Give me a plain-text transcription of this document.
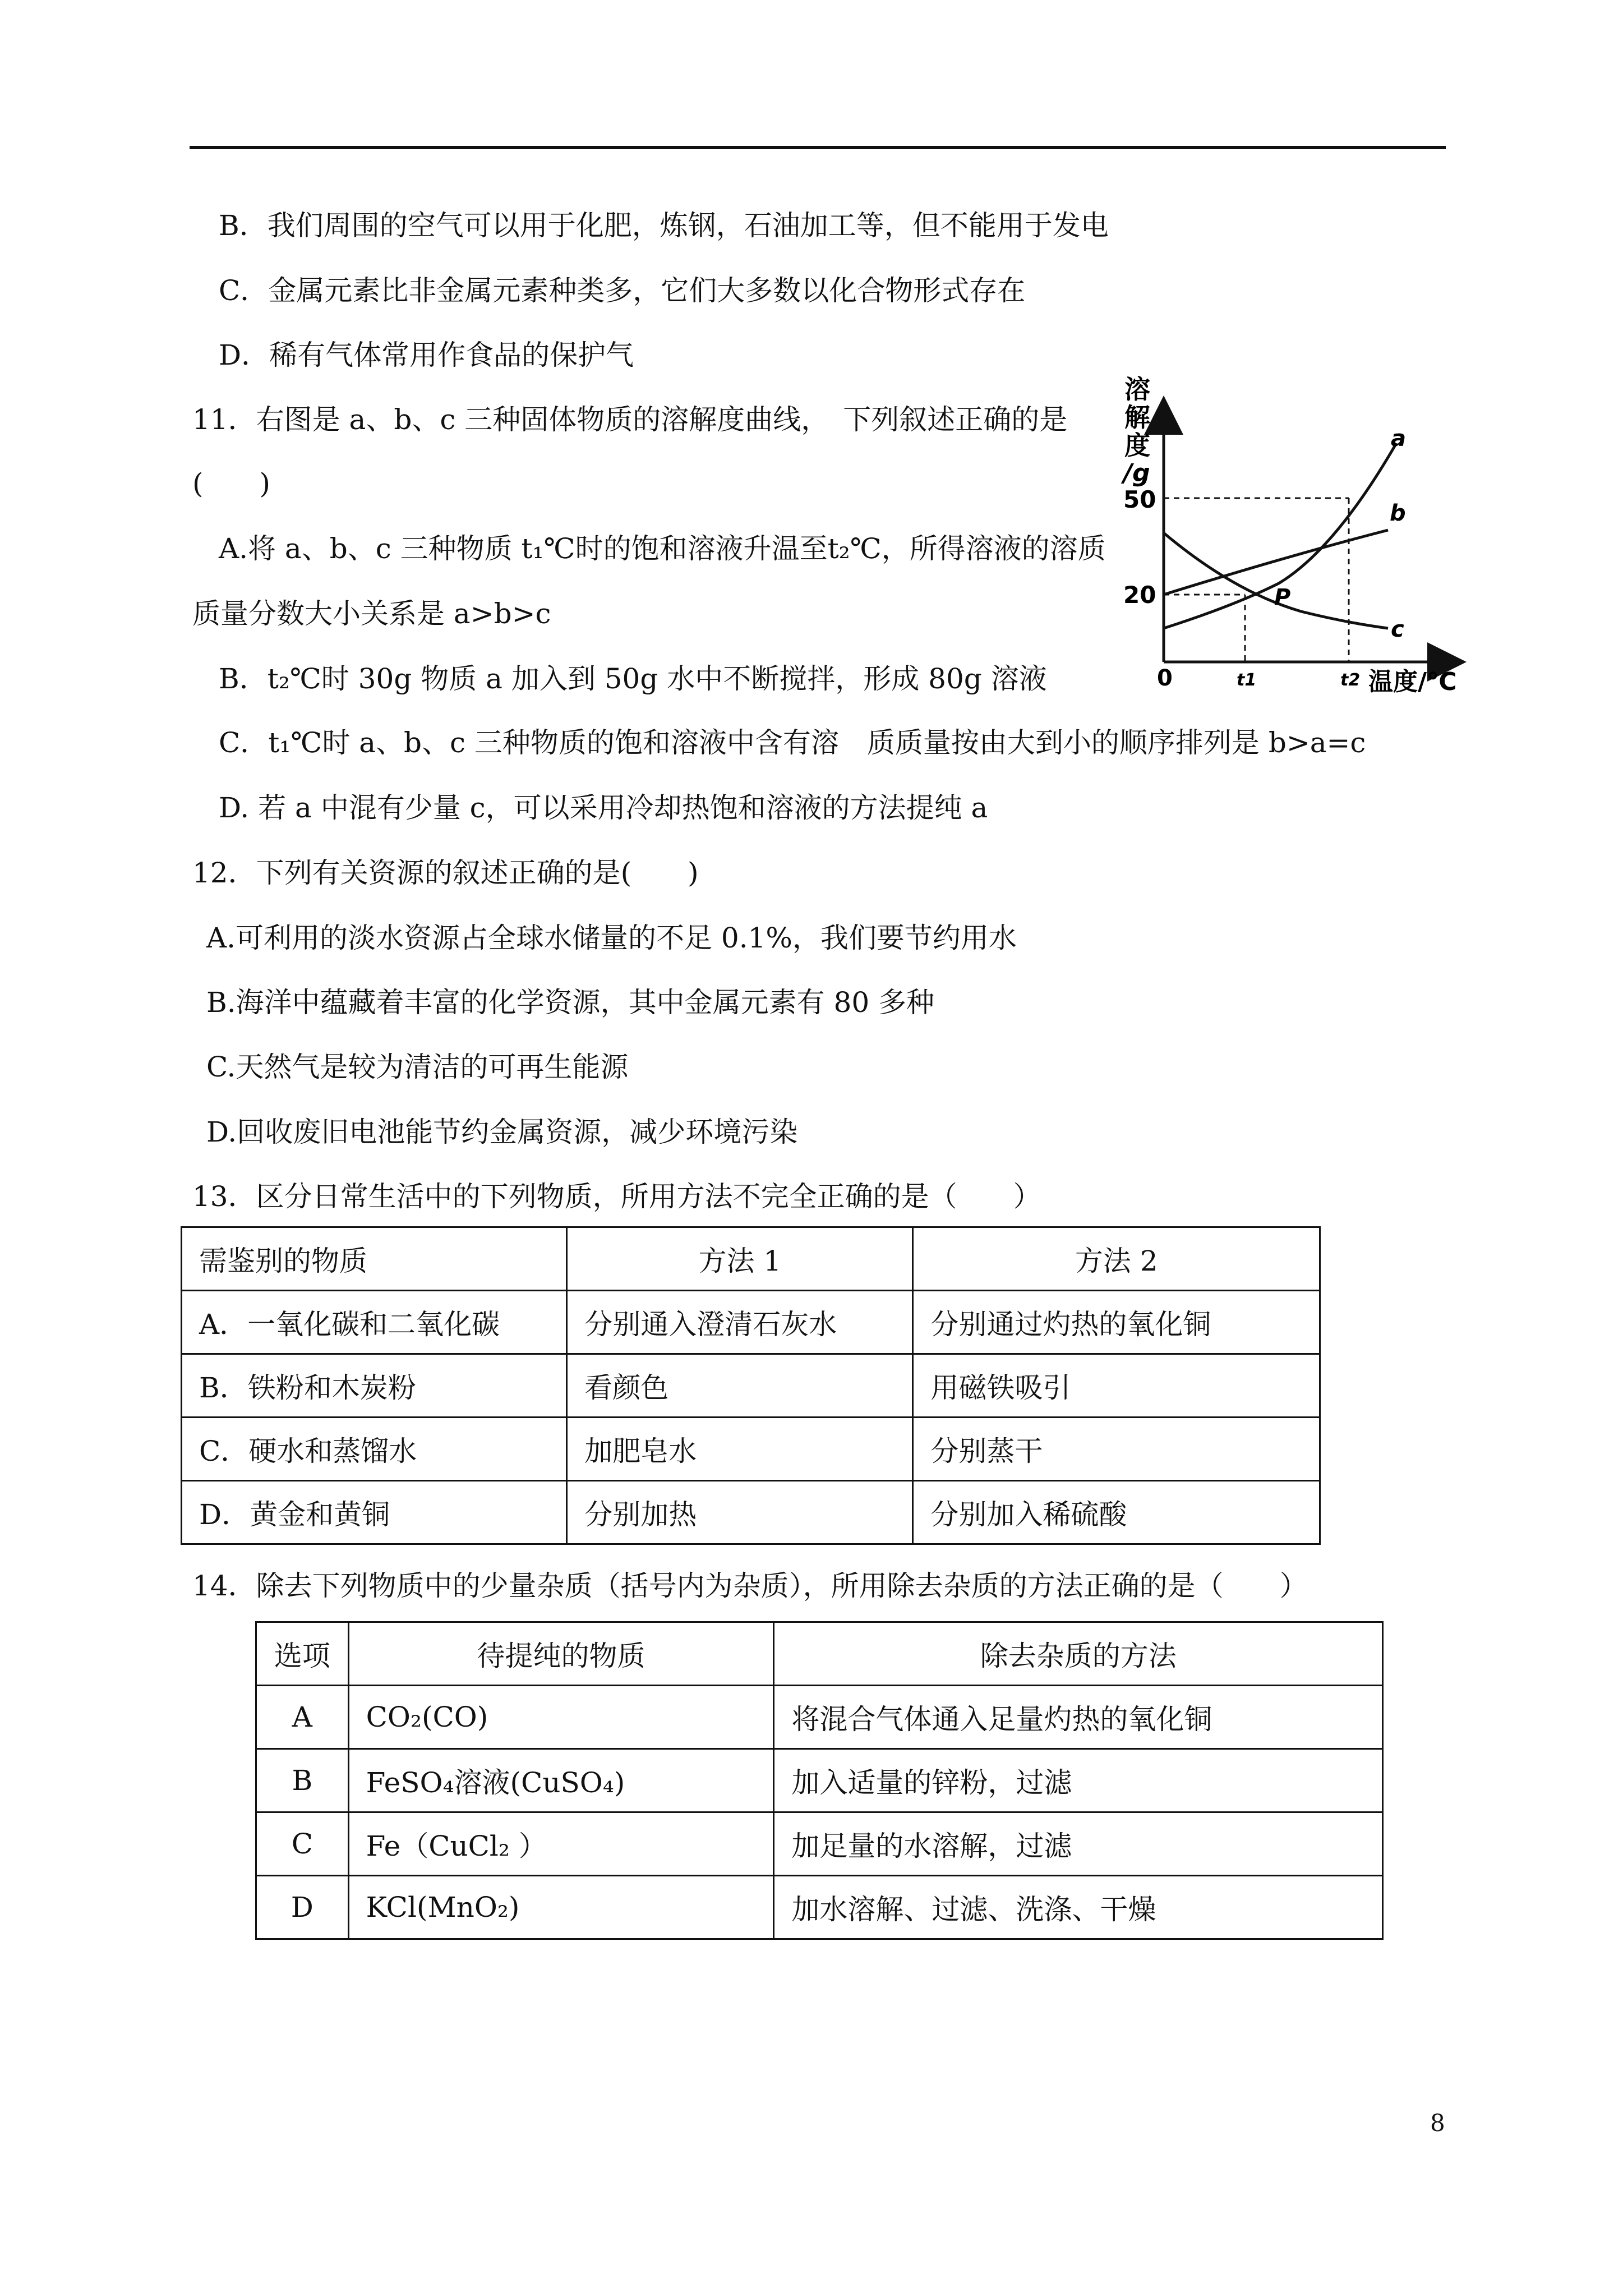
B．我们周围的空气可以用于化肥，炼钢，石油加工等，但不能用于发电
C．金属元素比非金属元素种类多，它们大多数以化合物形式存在
D．稀有气体常用作食品的保护气
11．右图是 a、b、c 三种固体物质的溶解度曲线，　下列叙述正确的是
(　　)
A.将 a、b、c 三种物质 t₁℃时的饱和溶液升温至t₂℃，所得溶液的溶质
质量分数大小关系是 a>b>c
B．t₂℃时 30g 物质 a 加入到 50g 水中不断搅拌，形成 80g 溶液
C．t₁℃时 a、b、c 三种物质的饱和溶液中含有溶　质质量按由大到小的顺序排列是 b>a=c
D. 若 a 中混有少量 c，可以采用冷却热饱和溶液的方法提纯 a
溶
解
度
/g
50
20
0	t1	t2 温度/℃
a
b
c
P
12．下列有关资源的叙述正确的是(　　)
A.可利用的淡水资源占全球水储量的不足 0.1%，我们要节约用水
B.海洋中蕴藏着丰富的化学资源，其中金属元素有 80 多种
C.天然气是较为清洁的可再生能源
D.回收废旧电池能节约金属资源，减少环境污染
13．区分日常生活中的下列物质，所用方法不完全正确的是（　　）
需鉴别的物质	方法 1	方法 2
A．一氧化碳和二氧化碳	分别通入澄清石灰水	分别通过灼热的氧化铜
B．铁粉和木炭粉	看颜色	用磁铁吸引
C．硬水和蒸馏水	加肥皂水	分别蒸干
D．黄金和黄铜	分别加热	分别加入稀硫酸
14．除去下列物质中的少量杂质（括号内为杂质），所用除去杂质的方法正确的是（　　）
选项	待提纯的物质	除去杂质的方法
A	CO₂(CO)	将混合气体通入足量灼热的氧化铜
B	FeSO₄溶液(CuSO₄)	加入适量的锌粉，过滤
C	Fe（CuCl₂ ）	加足量的水溶解，过滤
D	KCl(MnO₂)	加水溶解、过滤、洗涤、干燥
8
